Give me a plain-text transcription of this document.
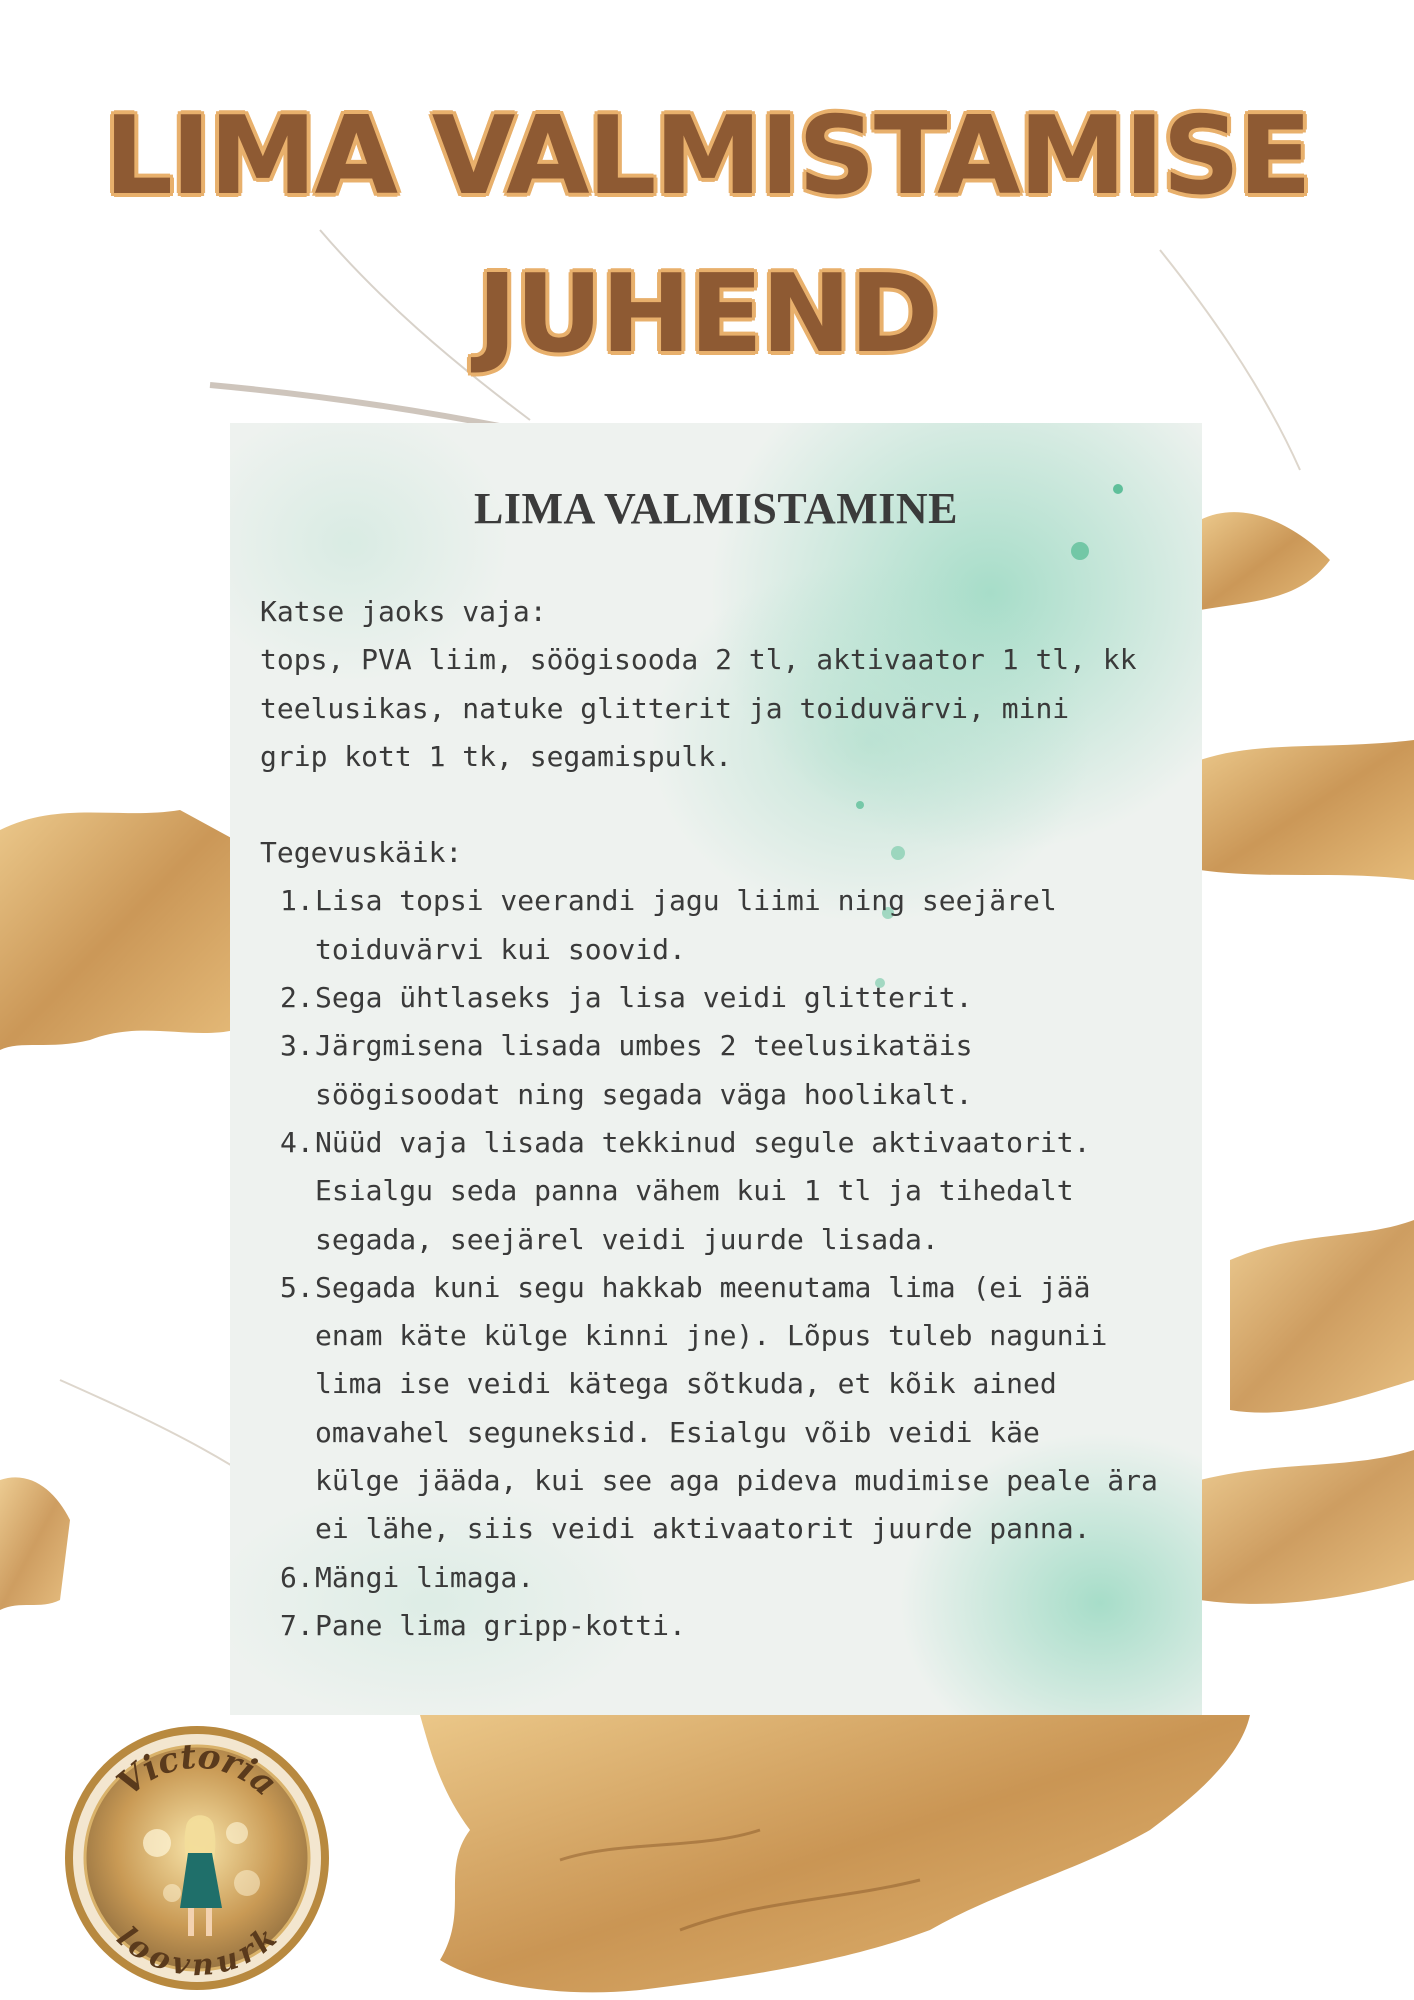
LIMA VALMISTAMISE
JUHEND
LIMA VALMISTAMINE

Katse jaoks vaja:

tops, PVA liim, söögisooda 2 tl, aktivaator 1 tl, kk

teelusikas, natuke glitterit ja toiduvärvi, mini

grip kott 1 tk, segamispulk.

Tegevuskäik:

1. Lisa topsi veerandi jagu liimi ning seejärel
toiduvärvi kui soovid.
2. Sega ühtlaseks ja lisa veidi glitterit.
3. Järgmisena lisada umbes 2 teelusikatäis
söögisoodat ning segada väga hoolikalt.
4. Nüüd vaja lisada tekkinud segule aktivaatorit.
Esialgu seda panna vähem kui 1 tl ja tihedalt
segada, seejärel veidi juurde lisada.
5. Segada kuni segu hakkab meenutama lima (ei jää
enam käte külge kinni jne). Lõpus tuleb nagunii
lima ise veidi kätega sõtkuda, et kõik ained
omavahel seguneksid. Esialgu võib veidi käe
külge jääda, kui see aga pideva mudimise peale ära
ei lähe, siis veidi aktivaatorit juurde panna.
6. Mängi limaga.
7. Pane lima gripp-kotti.
Victoria
loovnurk
